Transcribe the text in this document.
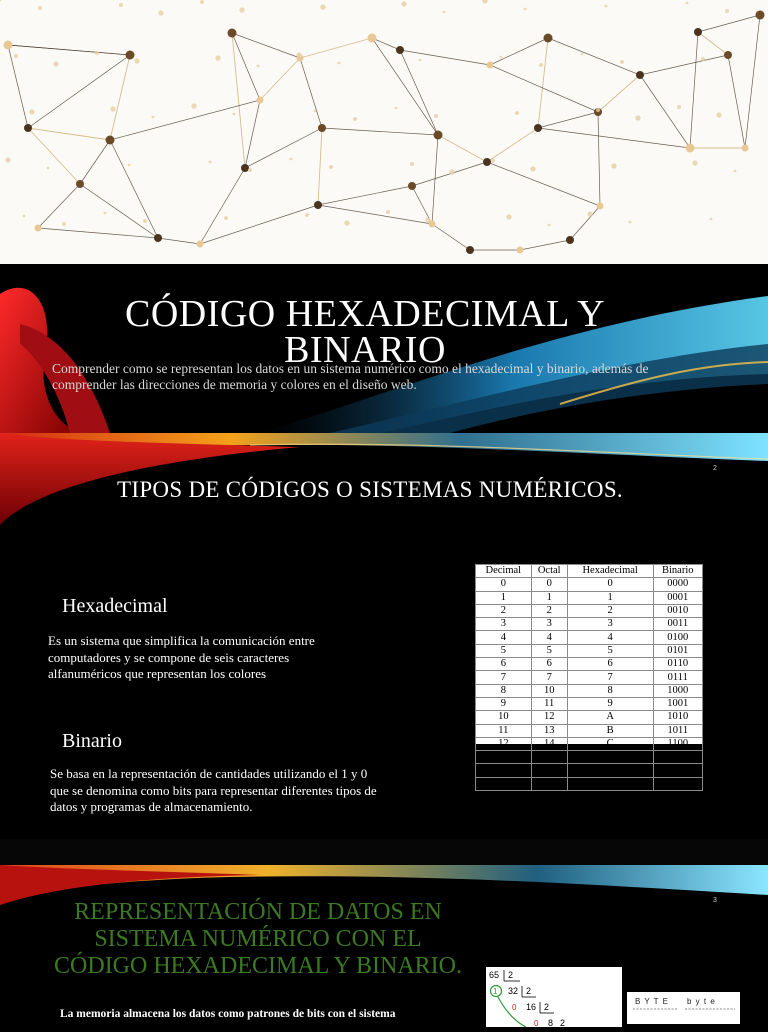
CÓDIGO HEXADECIMAL Y BINARIO
Comprender como se representan los datos en un sistema numérico como el hexadecimal y binario, además de comprender las direcciones de memoria y colores en el diseño web.
2
TIPOS DE CÓDIGOS O SISTEMAS NUMÉRICOS.
Hexadecimal
Es un sistema que simplifica la comunicación entre computadores y se compone de seis caracteres alfanuméricos que representan los colores
Binario
Se basa en la representación de cantidades utilizando el 1 y 0 que se denomina como bits para representar diferentes tipos de datos y programas de almacenamiento.
Decimal	Octal	Hexadecimal	Binario
0	0	0	0000
1	1	1	0001
2	2	2	0010
3	3	3	0011
4	4	4	0100
5	5	5	0101
6	6	6	0110
7	7	7	0111
8	10	8	1000
9	11	9	1001
10	12	A	1010
11	13	B	1011
12	14	C	1100
13	15	D	1101
14	16	E	1110
15	17	F	1111
3
REPRESENTACIÓN DE DATOS EN SISTEMA NUMÉRICO CON EL CÓDIGO HEXADECIMAL Y BINARIO.
La memoria almacena los datos como patrones de bits con el sistema
65 2
1 32 2
0 16 2
0 8 2
B Y T E b y t e
